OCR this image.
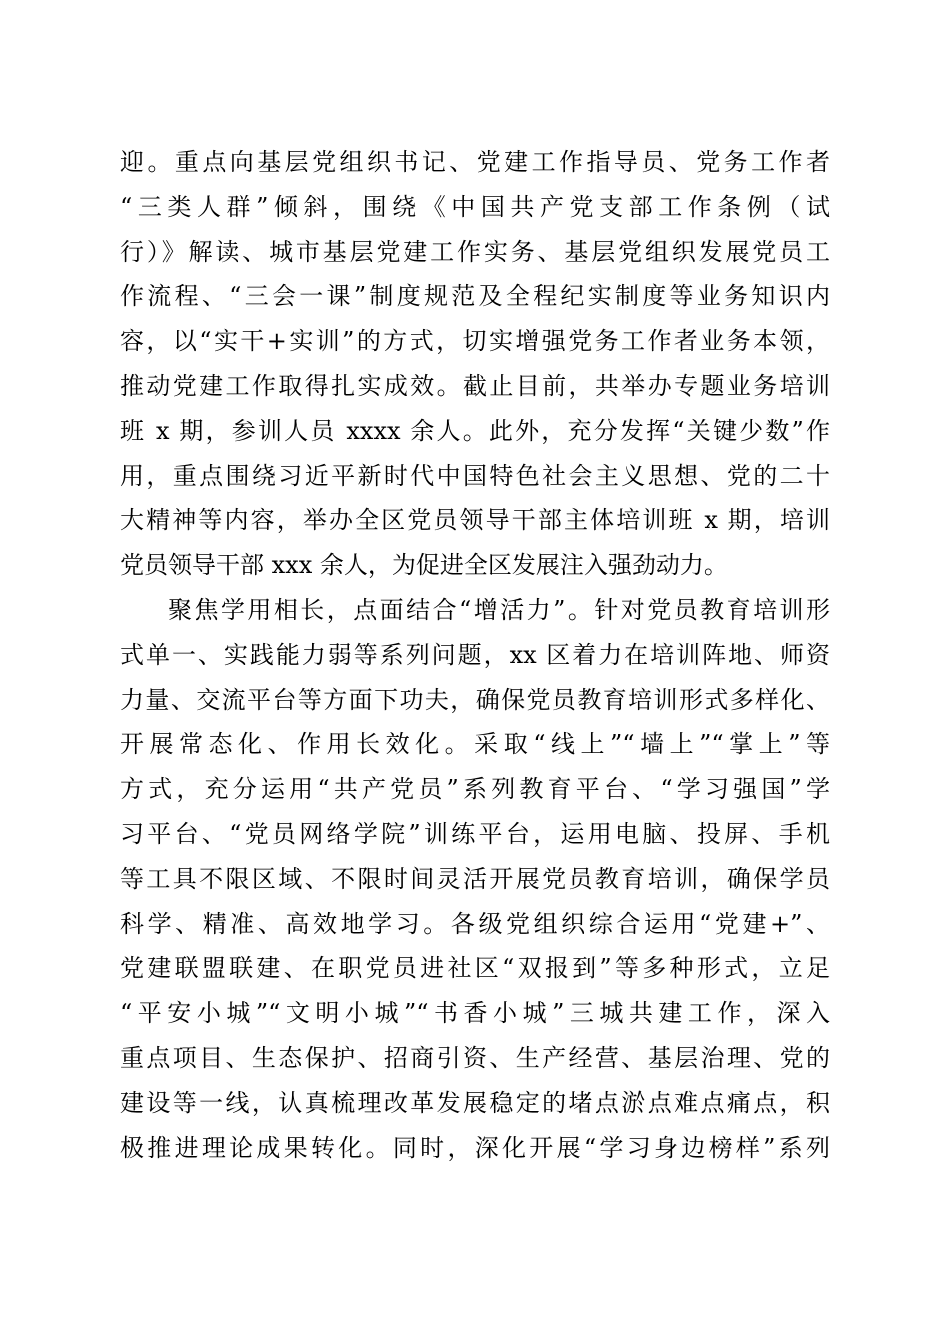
迎。重点向基层党组织书记、党建工作指导员、党务工作者
“三类人群”倾斜，围绕《中国共产党支部工作条例（试
行）》解读、城市基层党建工作实务、基层党组织发展党员工
作流程、“三会一课”制度规范及全程纪实制度等业务知识内
容，以“实干+实训”的方式，切实增强党务工作者业务本领，
推动党建工作取得扎实成效。截止目前，共举办专题业务培训
班 x 期，参训人员 xxxx 余人。此外，充分发挥“关键少数”作
用，重点围绕习近平新时代中国特色社会主义思想、党的二十
大精神等内容，举办全区党员领导干部主体培训班 x 期，培训
党员领导干部 xxx 余人，为促进全区发展注入强劲动力。
聚焦学用相长，点面结合“增活力”。针对党员教育培训形
式单一、实践能力弱等系列问题，xx 区着力在培训阵地、师资
力量、交流平台等方面下功夫，确保党员教育培训形式多样化、
开展常态化、作用长效化。采取“线上”“墙上”“掌上”等
方式，充分运用“共产党员”系列教育平台、“学习强国”学
习平台、“党员网络学院”训练平台，运用电脑、投屏、手机
等工具不限区域、不限时间灵活开展党员教育培训，确保学员
科学、精准、高效地学习。各级党组织综合运用“党建+”、
党建联盟联建、在职党员进社区“双报到”等多种形式，立足
“平安小城”“文明小城”“书香小城”三城共建工作，深入
重点项目、生态保护、招商引资、生产经营、基层治理、党的
建设等一线，认真梳理改革发展稳定的堵点淤点难点痛点，积
极推进理论成果转化。同时，深化开展“学习身边榜样”系列
